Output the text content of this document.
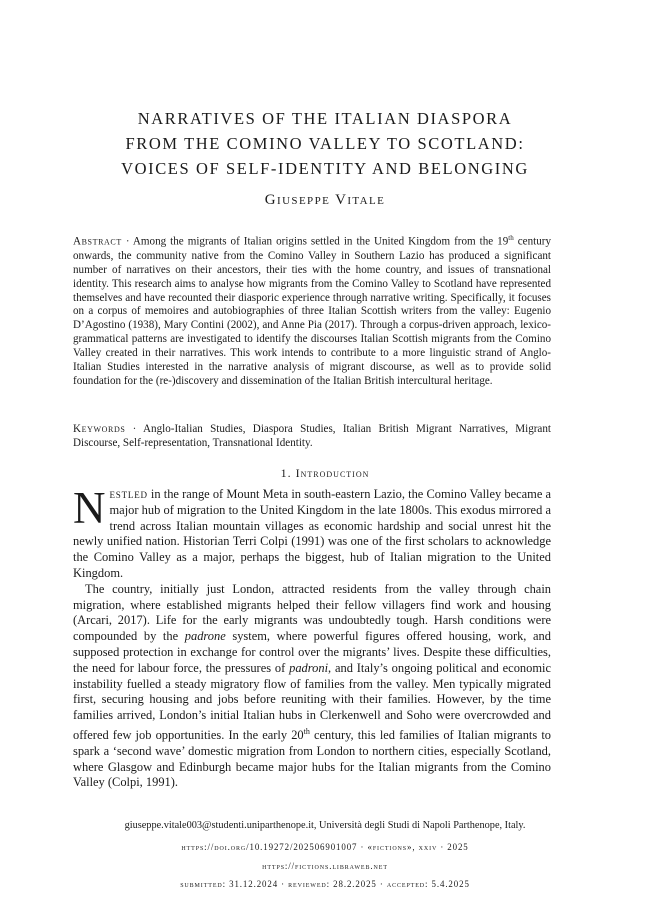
NARRATIVES OF THE ITALIAN DIASPORA
FROM THE COMINO VALLEY TO SCOTLAND:
VOICES OF SELF-IDENTITY AND BELONGING
Giuseppe Vitale
Abstract · Among the migrants of Italian origins settled in the United Kingdom from the 19th century onwards, the community native from the Comino Valley in Southern Lazio has produced a significant number of narratives on their ancestors, their ties with the home country, and issues of transnational identity. This research aims to analyse how migrants from the Comino Valley to Scotland have represented themselves and have recounted their diasporic experience through narrative writing. Specifically, it focuses on a corpus of memoires and autobiographies of three Italian Scottish writers from the valley: Eugenio D’Agostino (1938), Mary Contini (2002), and Anne Pia (2017). Through a corpus-driven approach, lexico-grammatical patterns are investigated to identify the discourses Italian Scottish migrants from the Comino Valley created in their narratives. This work intends to contribute to a more linguistic strand of Anglo-Italian Studies interested in the narrative analysis of migrant discourse, as well as to provide solid foundation for the (re-)discovery and dissemination of the Italian British intercultural heritage.
Keywords · Anglo-Italian Studies, Diaspora Studies, Italian British Migrant Narratives, Migrant Discourse, Self-representation, Transnational Identity.
1. Introduction

Nestled in the range of Mount Meta in south-eastern Lazio, the Comino Valley became a major hub of migration to the United Kingdom in the late 1800s. This exodus mirrored a trend across Italian mountain villages as economic hardship and social unrest hit the newly unified nation. Historian Terri Colpi (1991) was one of the first scholars to acknowledge the Comino Valley as a major, perhaps the biggest, hub of Italian migration to the United Kingdom.

The country, initially just London, attracted residents from the valley through chain migration, where established migrants helped their fellow villagers find work and housing (Arcari, 2017). Life for the early migrants was undoubtedly tough. Harsh conditions were compounded by the padrone system, where powerful figures offered housing, work, and supposed protection in exchange for control over the migrants’ lives. Despite these difficulties, the need for labour force, the pressures of padroni, and Italy’s ongoing political and economic instability fuelled a steady migratory flow of families from the valley. Men typically migrated first, securing housing and jobs before reuniting with their families. However, by the time families arrived, London’s initial Italian hubs in Clerkenwell and Soho were overcrowded and offered few job opportunities. In the early 20th century, this led families of Italian migrants to spark a ‘second wave’ domestic migration from London to northern cities, especially Scotland, where Glasgow and Edinburgh became major hubs for the Italian migrants from the Comino Valley (Colpi, 1991).

giuseppe.vitale003@studenti.uniparthenope.it, Università degli Studi di Napoli Parthenope, Italy.
https://doi.org/10.19272/202506901007 · «fictions», xxiv · 2025
https://fictions.libraweb.net
submitted: 31.12.2024 · reviewed: 28.2.2025 · accepted: 5.4.2025
